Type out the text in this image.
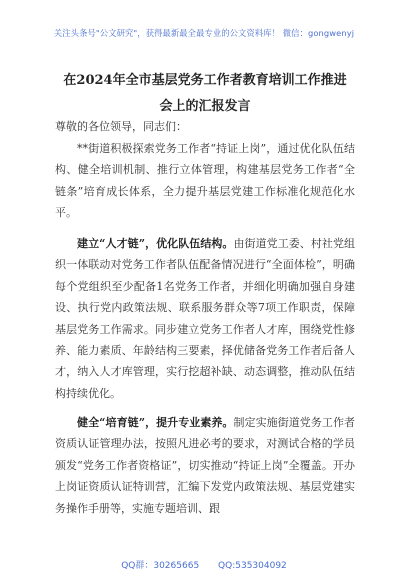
关注头条号"公文研究"，获得最新最全最专业的公文资料库！ 微信：gongwenyj
在2024年全市基层党务工作者教育培训工作推进会上的汇报发言
尊敬的各位领导，同志们：
**街道积极探索党务工作者“持证上岗”，通过优化队伍结构、健全培训机制、推行立体管理，构建基层党务工作者“全链条”培育成长体系，全力提升基层党建工作标准化规范化水平。
建立“人才链”，优化队伍结构。由街道党工委、村社党组织一体联动对党务工作者队伍配备情况进行“全面体检”，明确每个党组织至少配备1名党务工作者，并细化明确加强自身建设、执行党内政策法规、联系服务群众等7项工作职责，保障基层党务工作需求。同步建立党务工作者人才库，围绕党性修养、能力素质、年龄结构三要素，择优储备党务工作者后备人才，纳入人才库管理，实行挖超补缺、动态调整，推动队伍结构持续优化。
健全“培育链”，提升专业素养。制定实施街道党务工作者资质认证管理办法，按照凡进必考的要求，对测试合格的学员颁发“党务工作者资格证”，切实推动“持证上岗”全覆盖。开办上岗证资质认证特训营，汇编下发党内政策法规、基层党建实务操作手册等，实施专题培训、跟
QQ群：30265665 QQ:535304092
